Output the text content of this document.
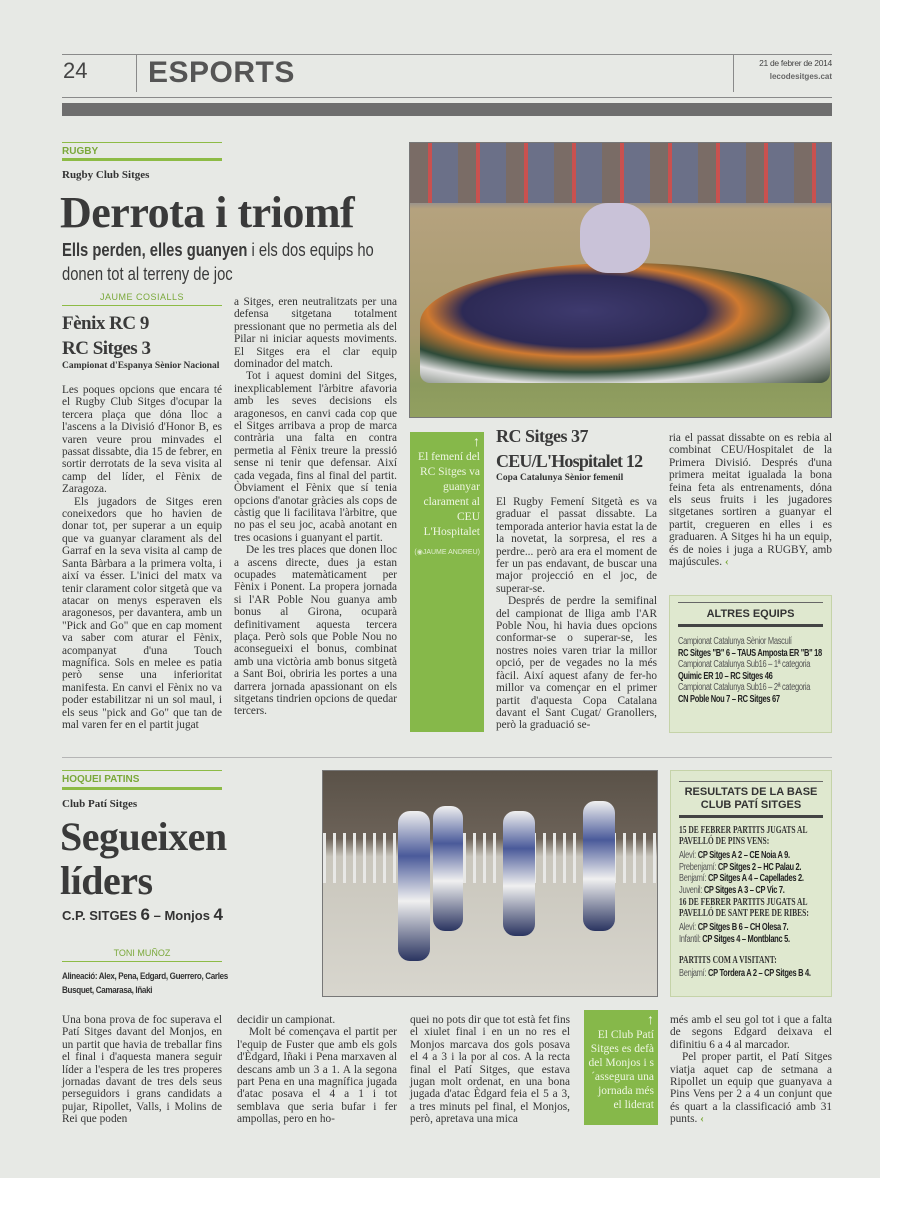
24 ESPORTS	21 de febrer de 2014
lecodesitges.cat
RUGBY
Rugby Club Sitges
Derrota i triomf
Ells perden, elles guanyen i els dos equips ho donen tot al terreny de joc
JAUME COSIALLS
Fènix RC 9
RC Sitges 3
Campionat d'Espanya Sènior Nacional

Les poques opcions que encara té el Rugby Club Sitges d'ocupar la tercera plaça que dóna lloc a l'ascens a la Divisió d'Honor B, es varen veure prou minvades el passat dissabte, dia 15 de febrer, en sortir derrotats de la seva visita al camp del líder, el Fènix de Zaragoza.

Els jugadors de Sitges eren coneixedors que ho havien de donar tot, per superar a un equip que va guanyar clarament als del Garraf en la seva visita al camp de Santa Bàrbara a la primera volta, i així va ésser. L'inici del matx va tenir clarament color sitgetà que va atacar on menys esperaven els aragonesos, per davantera, amb un "Pick and Go" que en cap moment va saber com aturar el Fènix, acompanyat d'una Touch magnífica. Sols en melee es patia però sense una inferioritat manifesta. En canvi el Fènix no va poder estabilitzar ni un sol maul, i els seus "pick and Go" que tan de mal varen fer en el partit jugat

a Sitges, eren neutralitzats per una defensa sitgetana totalment pressionant que no permetia als del Pilar ni iniciar aquests moviments. El Sitges era el clar equip dominador del match.

Tot i aquest domini del Sitges, inexplicablement l'àrbitre afavoria amb les seves decisions els aragonesos, en canvi cada cop que el Sitges arribava a prop de marca contrària una falta en contra permetia al Fènix treure la pressió sense ni tenir que defensar. Així cada vegada, fins al final del partit. Òbviament el Fènix que sí tenia opcions d'anotar gràcies als cops de càstig que li facilitava l'àrbitre, que no pas el seu joc, acabà anotant en tres ocasions i guanyant el partit.

De les tres places que donen lloc a ascens directe, dues ja estan ocupades matemàticament per Fènix i Ponent. La propera jornada si l'AR Poble Nou guanya amb bonus al Girona, ocuparà definitivament aquesta tercera plaça. Però sols que Poble Nou no aconsegueixi el bonus, combinat amb una victòria amb bonus sitgetà a Sant Boi, obriria les portes a una darrera jornada apassionant on els sitgetans tindrien opcions de quedar tercers.

↑
El femení del RC Sitges va guanyar clarament al CEU L'Hospitalet
(◉JAUME ANDREU)
RC Sitges 37
CEU/L'Hospitalet 12
Copa Catalunya Sènior femenil

El Rugby Femení Sitgetà es va graduar el passat dissabte. La temporada anterior havia estat la de la novetat, la sorpresa, el res a perdre... però ara era el moment de fer un pas endavant, de buscar una major projecció en el joc, de superar-se.

Després de perdre la semifinal del campionat de lliga amb l'AR Poble Nou, hi havia dues opcions conformar-se o superar-se, les nostres noies varen triar la millor opció, per de vegades no la més fàcil. Així aquest afany de fer-ho millor va començar en el primer partit d'aquesta Copa Catalana davant el Sant Cugat/ Granollers, però la graduació se-

ria el passat dissabte on es rebia al combinat CEU/Hospitalet de la Primera Divisió. Després d'una primera meitat igualada la bona feina feta als entrenaments, dóna els seus fruits i les jugadores sitgetanes sortiren a guanyar el partit, cregueren en elles i es graduaren. A Sitges hi ha un equip, és de noies i juga a RUGBY, amb majúscules. ‹

ALTRES EQUIPS
Campionat Catalunya Sènior Masculí
RC Sitges "B" 6 – TAUS Amposta ER "B" 18
Campionat Catalunya Sub16 – 1ª categoria
Quimic ER 10 – RC Sitges 46
Campionat Catalunya Sub16 – 2ª categoria
CN Poble Nou 7 – RC Sitges 67
HOQUEI PATINS
Club Patí Sitges
Segueixen líders
C.P. SITGES 6 – Monjos 4
TONI MUÑOZ
Alineació: Alex, Pena, Edgard, Guerrero, Carles Busquet, Camarasa, Iñaki
RESULTATS DE LA BASE
CLUB PATÍ SITGES
15 DE FEBRER PARTITS JUGATS AL PAVELLÓ DE PINS VENS:
Aleví: CP Sitges A 2 – CE Noia A 9.
Prebenjamí: CP Sitges 2 – HC Palau 2.
Benjamí: CP Sitges A 4 – Capellades 2.
Juvenil: CP Sitges A 3 – CP Vic 7.
16 DE FEBRER PARTITS JUGATS AL PAVELLÓ DE SANT PERE DE RIBES:
Aleví: CP Sitges B 6 – CH Olesa 7.
Infantil: CP Sitges 4 – Montblanc 5.
PARTITS COM A VISITANT:
Benjamí: CP Tordera A 2 – CP Sitges B 4.

Una bona prova de foc superava el Patí Sitges davant del Monjos, en un partit que havia de treballar fins el final i d'aquesta manera seguir líder a l'espera de les tres properes jornadas davant de tres dels seus perseguidors i grans candidats a pujar, Ripollet, Valls, i Molins de Rei que poden

decidir un campionat.

Molt bé començava el partit per l'equip de Fuster que amb els gols d'Èdgard, Iñaki i Pena marxaven al descans amb un 3 a 1. A la segona part Pena en una magnífica jugada d'atac posava el 4 a 1 i tot semblava que seria bufar i fer ampollas, pero en ho-

quei no pots dir que tot està fet fins el xiulet final i en un no res el Monjos marcava dos gols posava el 4 a 3 i la por al cos. A la recta final el Patí Sitges, que estava jugan molt ordenat, en una bona jugada d'atac Èdgard feia el 5 a 3, a tres minuts pel final, el Monjos, però, apretava una mica

↑
El Club Patí Sitges es defà del Monjos i s´assegura una jornada més el liderat

més amb el seu gol tot i que a falta de segons Edgard deixava el difinitiu 6 a 4 al marcador.

Pel proper partit, el Patí Sitges viatja aquet cap de setmana a Ripollet un equip que guanyava a Pins Vens per 2 a 4 un conjunt que és quart a la classificació amb 31 punts. ‹
